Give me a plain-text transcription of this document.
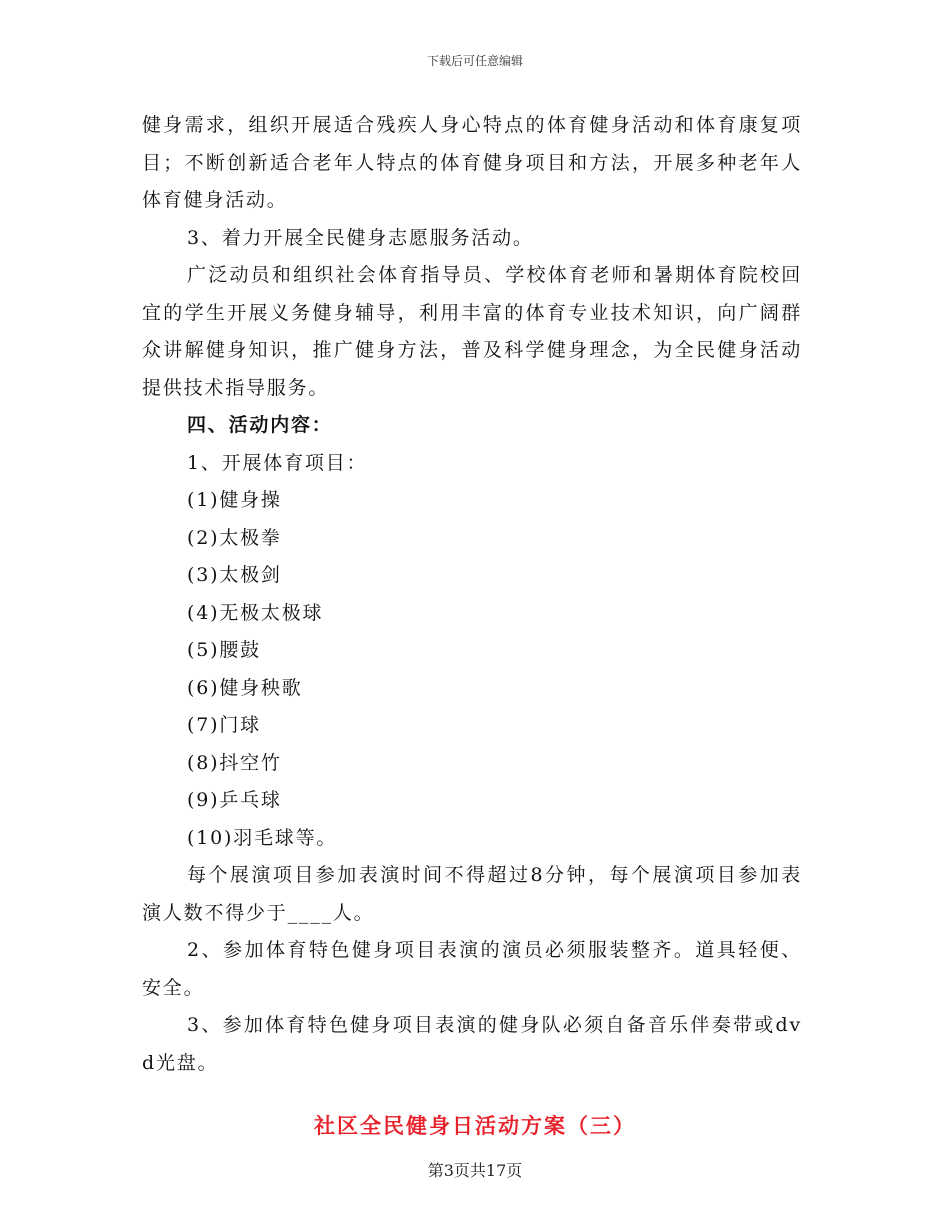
下载后可任意编辑

健身需求，组织开展适合残疾人身心特点的体育健身活动和体育康复项目；不断创新适合老年人特点的体育健身项目和方法，开展多种老年人体育健身活动。

3、着力开展全民健身志愿服务活动。

广泛动员和组织社会体育指导员、学校体育老师和暑期体育院校回宜的学生开展义务健身辅导，利用丰富的体育专业技术知识，向广阔群众讲解健身知识，推广健身方法，普及科学健身理念，为全民健身活动提供技术指导服务。

四、活动内容：

1、开展体育项目：

(1)健身操

(2)太极拳

(3)太极剑

(4)无极太极球

(5)腰鼓

(6)健身秧歌

(7)门球

(8)抖空竹

(9)乒乓球

(10)羽毛球等。

每个展演项目参加表演时间不得超过8分钟，每个展演项目参加表演人数不得少于____人。

2、参加体育特色健身项目表演的演员必须服装整齐。道具轻便、安全。

3、参加体育特色健身项目表演的健身队必须自备音乐伴奏带或dvd光盘。

社区全民健身日活动方案（三）
第3页共17页
